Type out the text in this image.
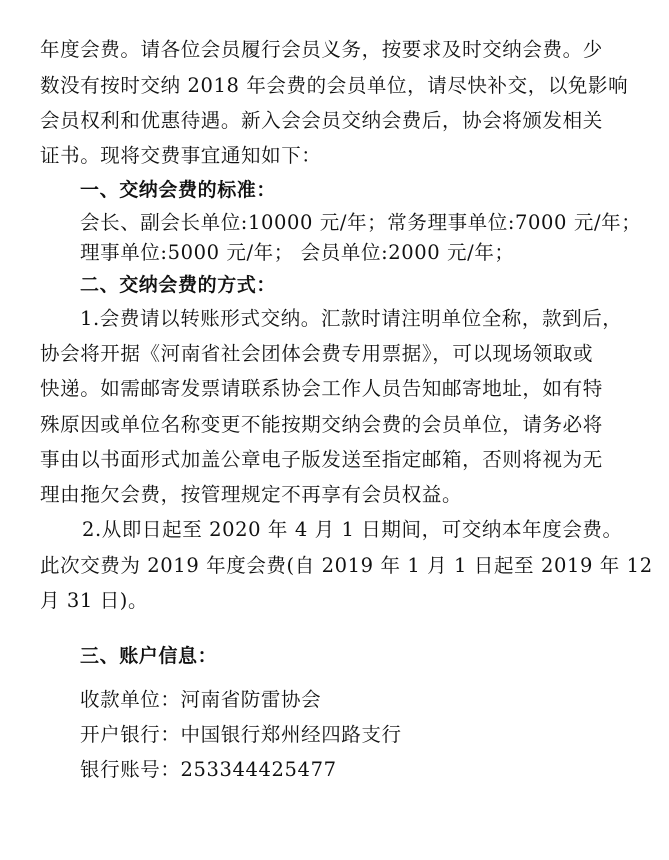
年度会费。请各位会员履行会员义务，按要求及时交纳会费。少
数没有按时交纳 2018 年会费的会员单位，请尽快补交，以免影响
会员权利和优惠待遇。新入会会员交纳会费后，协会将颁发相关
证书。现将交费事宜通知如下：
一、交纳会费的标准：
会长、副会长单位:10000 元/年；常务理事单位:7000 元/年；
理事单位:5000 元/年； 会员单位:2000 元/年；
二、交纳会费的方式：
1.会费请以转账形式交纳。汇款时请注明单位全称，款到后，
协会将开据《河南省社会团体会费专用票据》，可以现场领取或
快递。如需邮寄发票请联系协会工作人员告知邮寄地址，如有特
殊原因或单位名称变更不能按期交纳会费的会员单位，请务必将
事由以书面形式加盖公章电子版发送至指定邮箱，否则将视为无
理由拖欠会费，按管理规定不再享有会员权益。
2.从即日起至 2020 年 4 月 1 日期间，可交纳本年度会费。
此次交费为 2019 年度会费(自 2019 年 1 月 1 日起至 2019 年 12
月 31 日)。
三、账户信息：
收款单位：河南省防雷协会
开户银行：中国银行郑州经四路支行
银行账号：253344425477
